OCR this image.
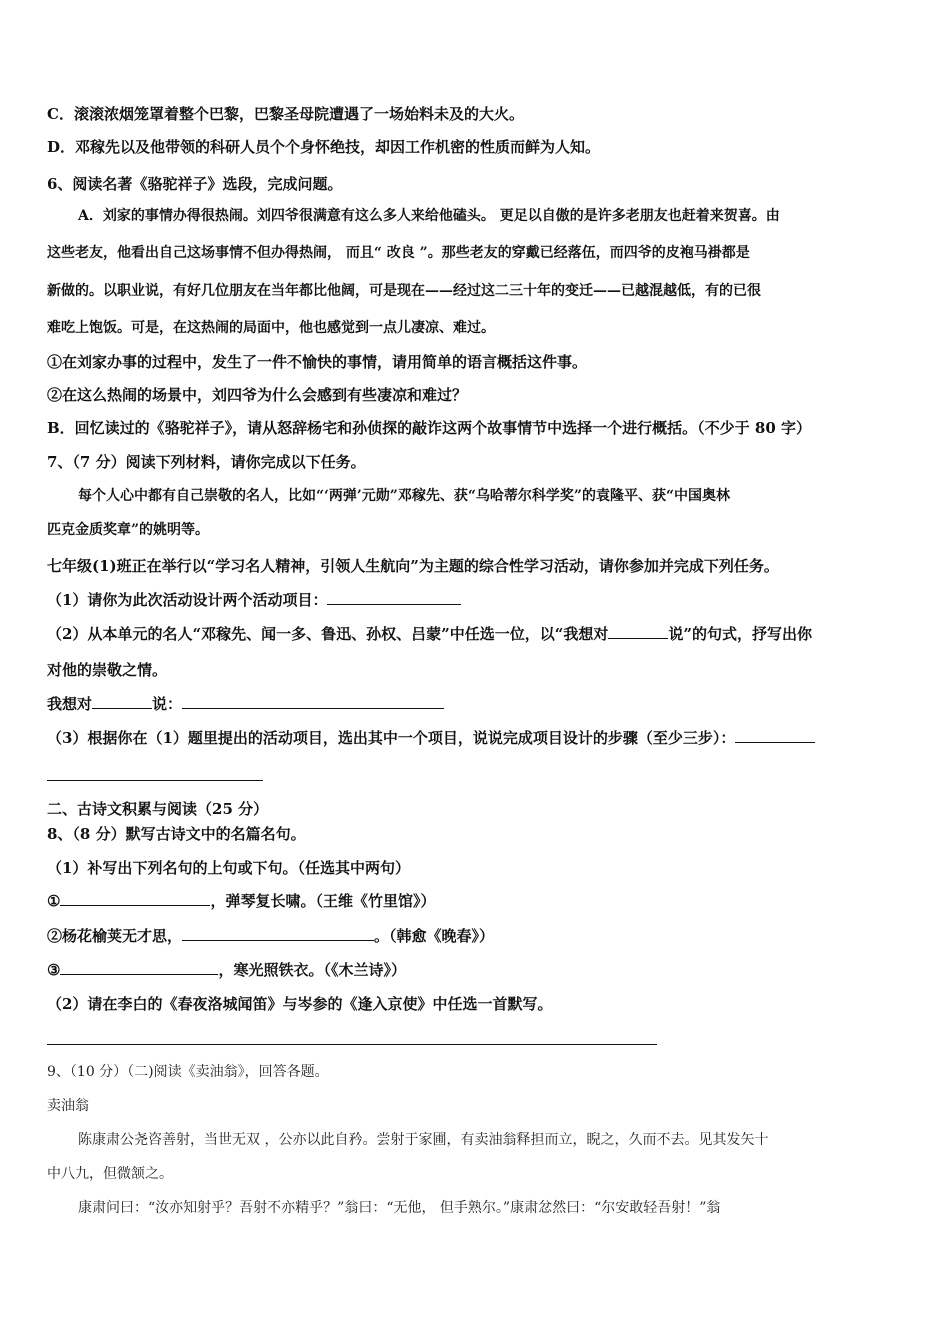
C．滚滚浓烟笼罩着整个巴黎，巴黎圣母院遭遇了一场始料未及的大火。
D．邓稼先以及他带领的科研人员个个身怀绝技，却因工作机密的性质而鲜为人知。
6、阅读名著《骆驼祥子》选段，完成问题。
A．刘家的事情办得很热闹。刘四爷很满意有这么多人来给他磕头。 更足以自傲的是许多老朋友也赶着来贺喜。由
这些老友，他看出自己这场事情不但办得热闹， 而且“ 改良 ”。那些老友的穿戴已经落伍，而四爷的皮袍马褂都是
新做的。以职业说，有好几位朋友在当年都比他阔，可是现在——经过这二三十年的变迁——已越混越低，有的已很
难吃上饱饭。可是，在这热闹的局面中，他也感觉到一点儿凄凉、难过。
①在刘家办事的过程中，发生了一件不愉快的事情，请用简单的语言概括这件事。
②在这么热闹的场景中，刘四爷为什么会感到有些凄凉和难过？
B．回忆读过的《骆驼祥子》，请从怒辞杨宅和孙侦探的敲诈这两个故事情节中选择一个进行概括。（不少于 80 字）
7、（7 分）阅读下列材料，请你完成以下任务。
每个人心中都有自己崇敬的名人，比如“‘两弹’元勋”邓稼先、获“乌哈蒂尔科学奖”的袁隆平、获“中国奥林
匹克金质奖章”的姚明等。
七年级(1)班正在举行以“学习名人精神，引领人生航向”为主题的综合性学习活动，请你参加并完成下列任务。
（1）请你为此次活动设计两个活动项目：
（2）从本单元的名人“邓稼先、闻一多、鲁迅、孙权、吕蒙”中任选一位，以“我想对	说”的句式，抒写出你
对他的崇敬之情。
我想对	说：
（3）根据你在（1）题里提出的活动项目，选出其中一个项目，说说完成项目设计的步骤（至少三步）：
二、古诗文积累与阅读（25 分）
8、（8 分）默写古诗文中的名篇名句。
（1）补写出下列名句的上句或下句。（任选其中两句）
①	，弹琴复长啸。（王维《竹里馆》）
②杨花榆荚无才思，	。（韩愈《晚春》）
③	，寒光照铁衣。（《木兰诗》）
（2）请在李白的《春夜洛城闻笛》与岑参的《逢入京使》中任选一首默写。
9、（10 分）（二)阅读《卖油翁》，回答各题。
卖油翁
陈康肃公尧咨善射，当世无双 ，公亦以此自矜。尝射于家圃，有卖油翁释担而立，睨之，久而不去。见其发矢十
中八九，但微颔之。
康肃问曰：“汝亦知射乎？吾射不亦精乎？”翁曰：“无他， 但手熟尔。”康肃忿然曰：“尔安敢轻吾射！”翁
